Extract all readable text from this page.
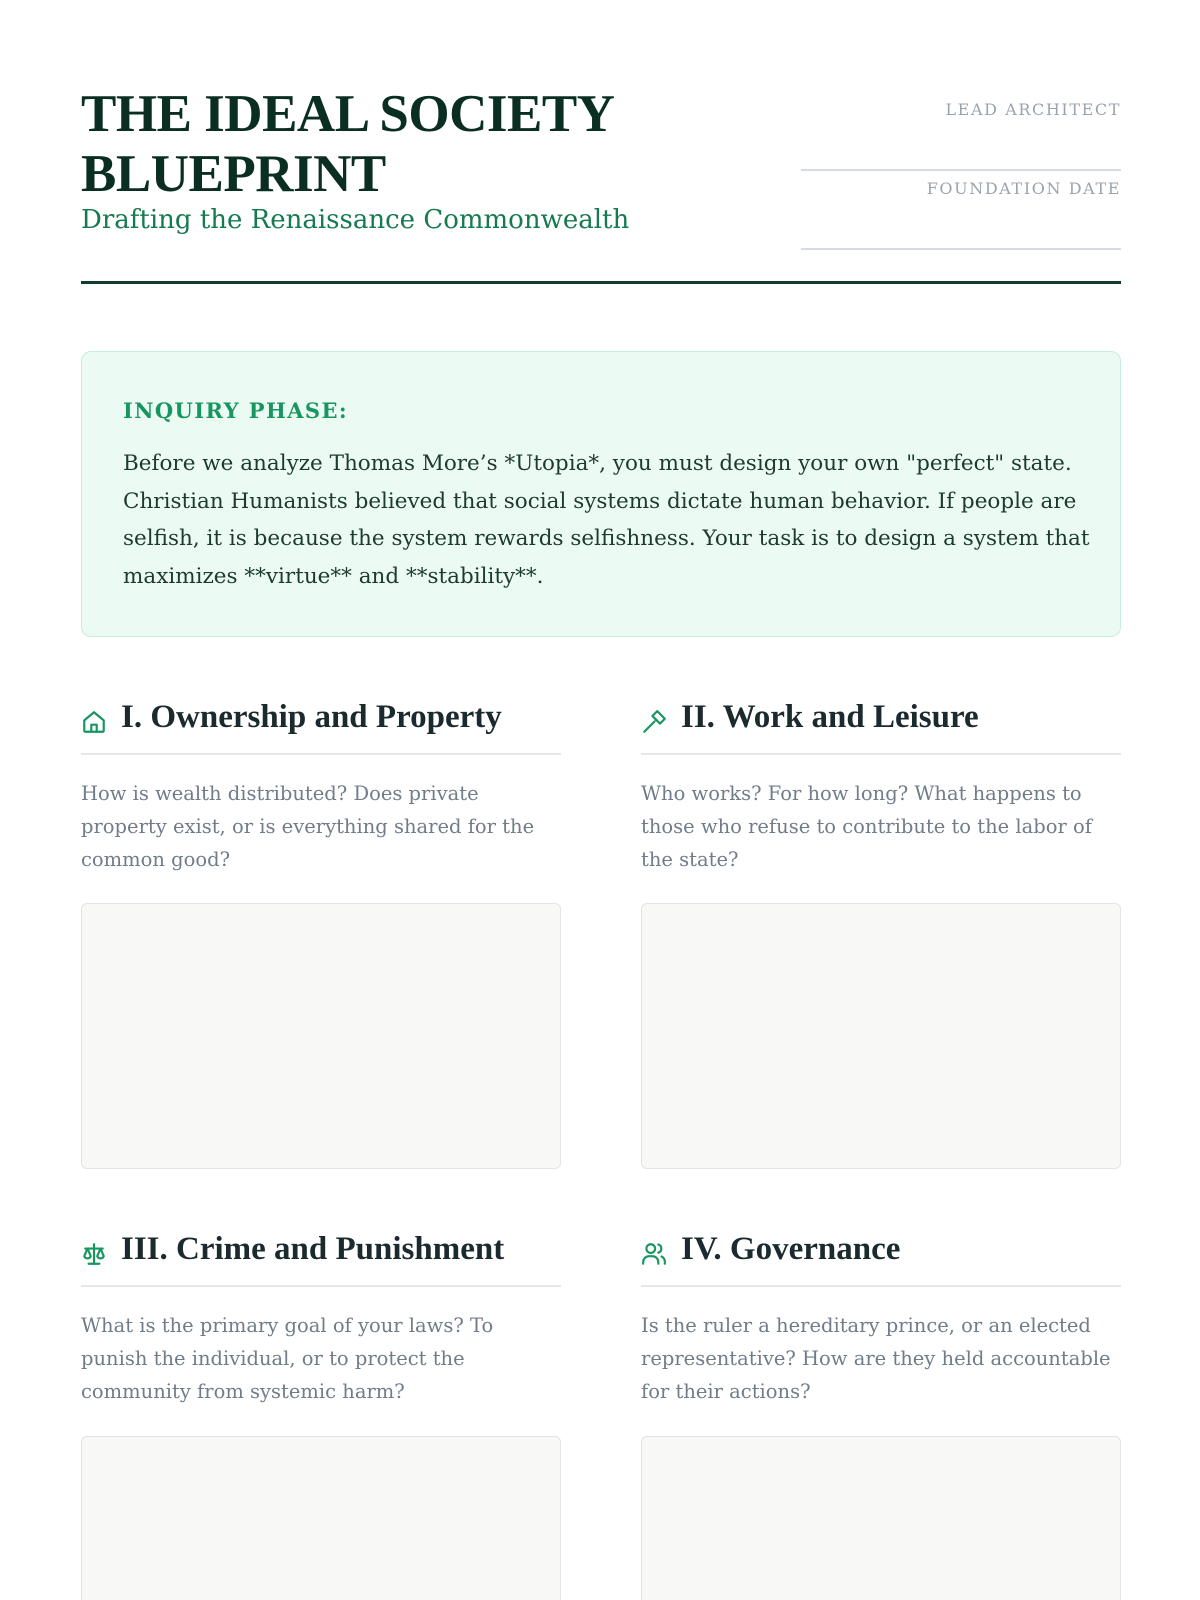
THE IDEAL SOCIETY BLUEPRINT
Drafting the Renaissance Commonwealth
LEAD ARCHITECT
FOUNDATION DATE
INQUIRY PHASE:

Before we analyze Thomas More’s *Utopia*, you must design your own "perfect" state. Christian Humanists believed that social systems dictate human behavior. If people are selfish, it is because the system rewards selfishness. Your task is to design a system that maximizes **virtue** and **stability**.

I. Ownership and Property

How is wealth distributed? Does private property exist, or is everything shared for the common good?

II. Work and Leisure

Who works? For how long? What happens to those who refuse to contribute to the labor of the state?

III. Crime and Punishment

What is the primary goal of your laws? To punish the individual, or to protect the community from systemic harm?

IV. Governance

Is the ruler a hereditary prince, or an elected representative? How are they held accountable for their actions?
